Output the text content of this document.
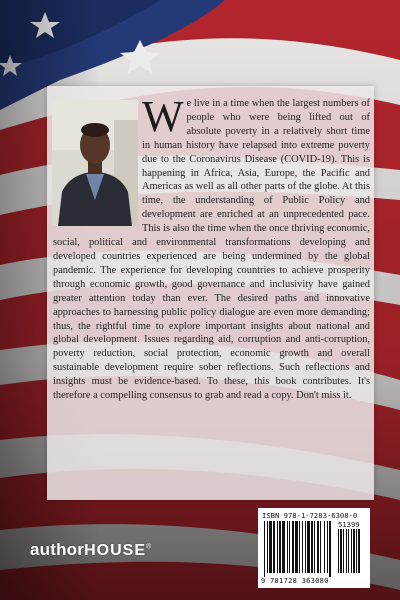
W e live in a time when the largest numbers of people who were being lifted out of absolute poverty in a relatively short time in human history have relapsed into extreme poverty due to the Coronavirus Disease (COVID-19). This is happening in Africa, Asia, Europe, the Pacific and Americas as well as all other parts of the globe. At this time, the understanding of Public Policy and development are enriched at an unprecedented pace. This is also the time when the once thriving economic, social, political and environmental transformations developing and developed countries experienced are being undermined by the global pandemic. The experience for developing countries to achieve prosperity through economic growth, good governance and inclusivity have gained greater attention today than ever. The desired paths and innovative approaches to harnessing public policy dialogue are even more demanding; thus, the rightful time to explore important insights about national and global development. Issues regarding aid, corruption and anti-corruption, poverty reduction, social protection, economic growth and overall sustainable development require sober reflections. Such reflections and insights must be evidence-based. To these, this book contributes. It's therefore a compelling consensus to grab and read a copy. Don't miss it.
authorHOUSE®
ISBN 978-1-7283-6308-0
51399
9 781728 363080
